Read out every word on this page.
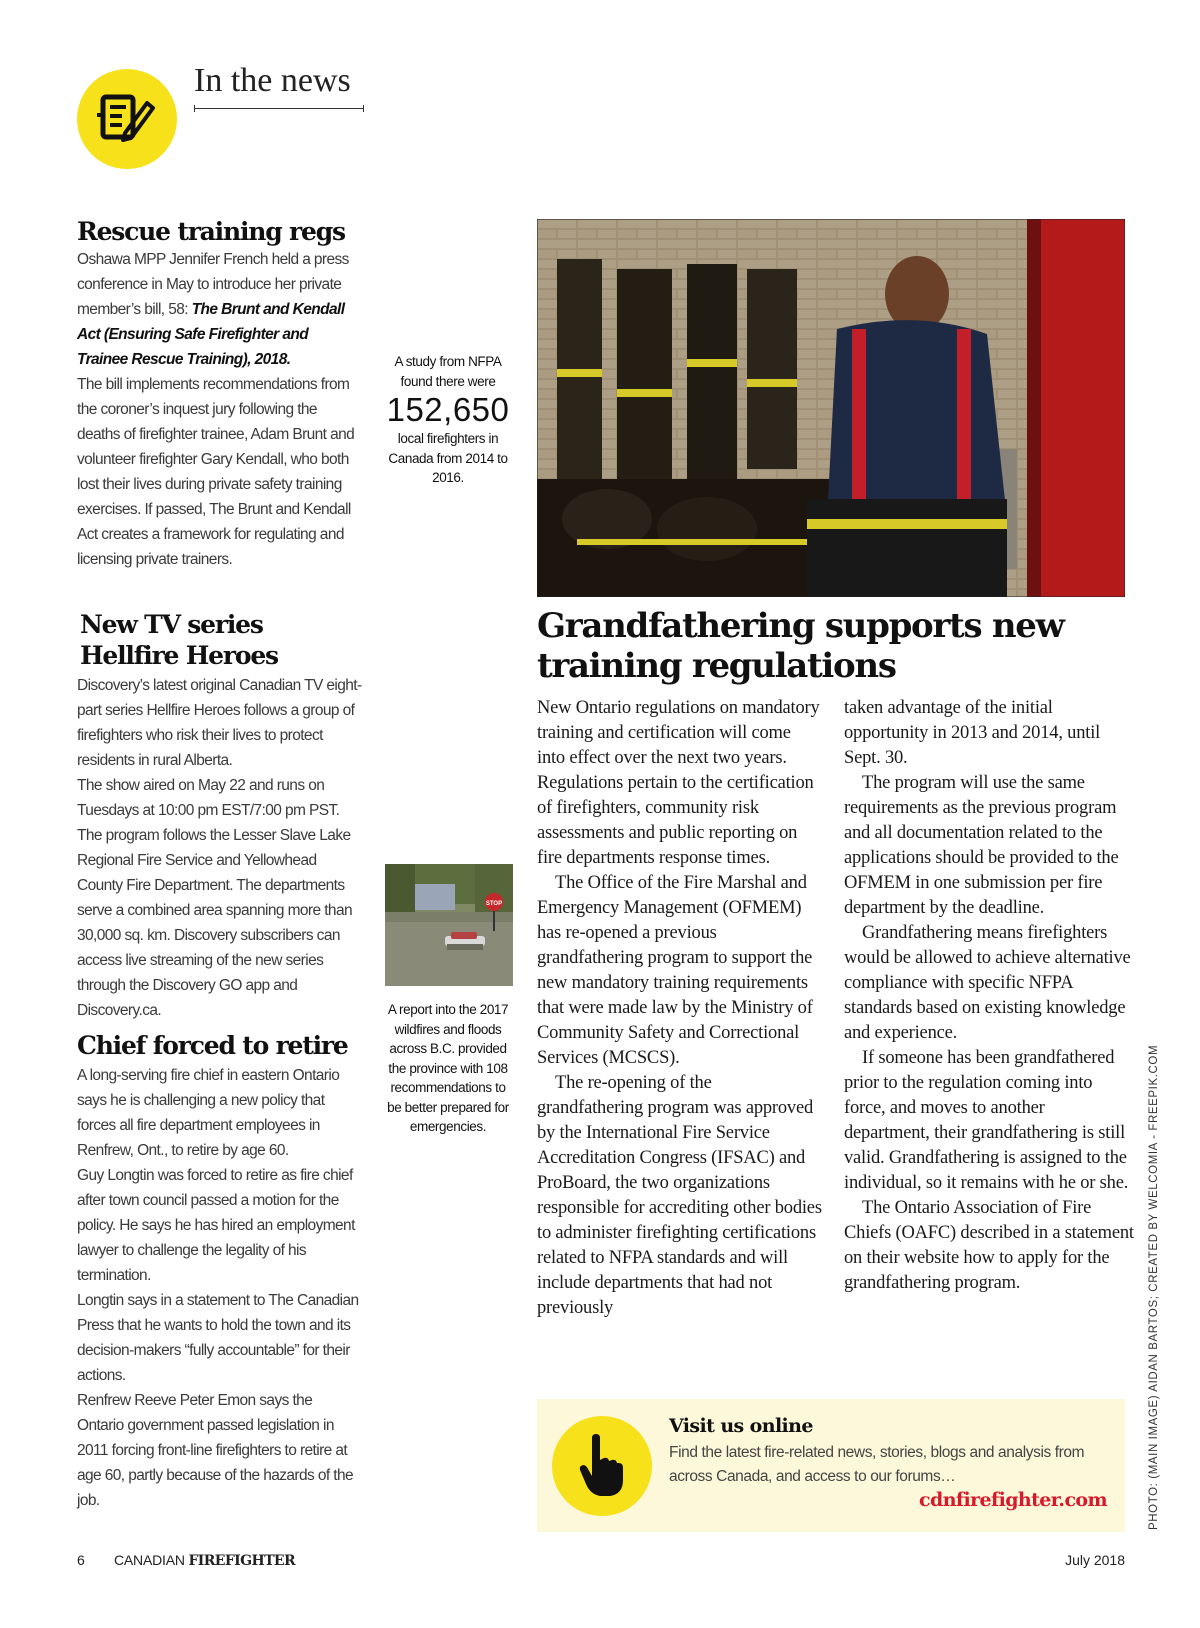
In the news
Rescue training regs

Oshawa MPP Jennifer French held a press conference in May to introduce her private member’s bill, 58: The Brunt and Kendall Act (Ensuring Safe Firefighter and Trainee Rescue Training), 2018.
The bill implements recommendations from the coroner’s inquest jury following the deaths of firefighter trainee, Adam Brunt and volunteer firefighter Gary Kendall, who both lost their lives during private safety training exercises. If passed, The Brunt and Kendall Act creates a framework for regulating and licensing private trainers.

New TV series
Hellfire Heroes

Discovery’s latest original Canadian TV eight-part series Hellfire Heroes follows a group of firefighters who risk their lives to protect residents in rural Alberta.

The show aired on May 22 and runs on Tuesdays at 10:00 pm EST/7:00 pm PST. The program follows the Lesser Slave Lake Regional Fire Service and Yellowhead County Fire Department. The departments serve a combined area spanning more than 30,000 sq. km. Discovery subscribers can access live streaming of the new series through the Discovery GO app and Discovery.ca.

Chief forced to retire

A long-serving fire chief in eastern Ontario says he is challenging a new policy that forces all fire department employees in Renfrew, Ont., to retire by age 60.

Guy Longtin was forced to retire as fire chief after town council passed a motion for the policy. He says he has hired an employment lawyer to challenge the legality of his termination.

Longtin says in a statement to The Canadian Press that he wants to hold the town and its decision-makers “fully accountable” for their actions.

Renfrew Reeve Peter Emon says the Ontario government passed legislation in 2011 forcing front-line firefighters to retire at age 60, partly because of the hazards of the job.

A study from NFPA found there were

152,650

local firefighters in Canada from 2014 to 2016.

STOP
A report into the 2017 wildfires and floods across B.C. provided the province with 108 recommendations to be better prepared for emergencies.
Grandfathering supports new
training regulations

New Ontario regulations on mandatory training and certification will come into effect over the next two years. Regulations pertain to the certification of firefighters, community risk assessments and public reporting on fire departments response times.

The Office of the Fire Marshal and Emergency Management (OFMEM) has re-opened a previous grandfathering program to support the new mandatory training requirements that were made law by the Ministry of Community Safety and Correctional Services (MCSCS).

The re-opening of the grandfathering program was approved by the International Fire Service Accreditation Congress (IFSAC) and ProBoard, the two organizations responsible for accrediting other bodies to administer firefighting certifications related to NFPA standards and will include departments that had not previously

taken advantage of the initial opportunity in 2013 and 2014, until Sept. 30.

The program will use the same requirements as the previous program and all documentation related to the applications should be provided to the OFMEM in one submission per fire department by the deadline.

Grandfathering means firefighters would be allowed to achieve alternative compliance with specific NFPA standards based on existing knowledge and experience.

If someone has been grandfathered prior to the regulation coming into force, and moves to another department, their grandfathering is still valid. Grandfathering is assigned to the individual, so it remains with he or she.

The Ontario Association of Fire Chiefs (OAFC) described in a statement on their website how to apply for the grandfathering program.

Visit us online
Find the latest fire-related news, stories, blogs and analysis from across Canada, and access to our forums…
cdnfirefighter.com	PHOTO: (MAIN IMAGE) AIDAN BARTOS; CREATED BY WELCOMIA - FREEPIK.COM
6 CANADIAN FIREFIGHTER	July 2018
